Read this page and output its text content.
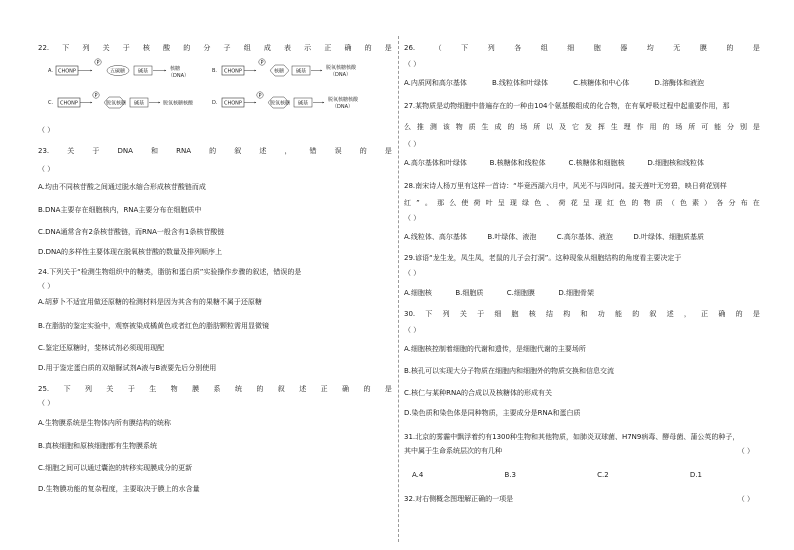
22. 下 列 关 于 核 酸 的 分 子 组 成 表 示 正 确 的 是
A. CHONP
P
五碳糖	碱基	核糖
（DNA）
B. CHONP
P
核糖 碱基
脱氧核糖核酸
（DNA）
C. CHONP
P
脱氧核糖 碱基	脱氧核糖核酸	D. CHONP
P
脱氧核糖 碱基
脱氧核糖核酸
（DNA）
（ ）
23.	关	于	DNA	和	RNA	的	叙	述	，	错	误	的	是
（ ）
A.均由不同核苷酸之间通过脱水缩合形成核苷酸链而成
B.DNA主要存在细胞核内，RNA主要分布在细胞质中
C.DNA通常含有2条核苷酸链，而RNA一般含有1条核苷酸链
D.DNA的多样性主要体现在脱氧核苷酸的数量及排列顺序上
24.下列关于“检测生物组织中的糖类，脂肪和蛋白质”实验操作步骤的叙述，错误的是
（ ）
A.胡萝卜不适宜用做还原糖的检测材料是因为其含有的果糖不属于还原糖
B.在脂肪的鉴定实验中，观察被染成橘黄色或者红色的脂肪颗粒需用显微镜
C.鉴定还原糖时，斐林试剂必须现用现配
D.用于鉴定蛋白质的双缩脲试剂A液与B液要先后分别使用
25. 下 列 关 于 生 物 膜 系 统 的 叙 述 正 确 的 是
（ ）
A.生物膜系统是生物体内所有膜结构的统称
B.真核细胞和原核细胞都有生物膜系统
C.细胞之间可以通过囊泡的转移实现膜成分的更新
D.生物膜功能的复杂程度，主要取决于膜上的水含量
26.	（	下	列	各	组	细	胞	器	均	无	膜	的	是
（ ）
A.内质网和高尔基体	B.线粒体和叶绿体	C.核糖体和中心体	D.溶酶体和液泡
27.某物质是动物细胞中普遍存在的一种由104个氨基酸组成的化合物，在有氧呼吸过程中起重要作用，那
么 推 测 该 物 质 生 成 的 场 所 以 及 它 发 挥 生 理 作 用 的 场 所 可 能 分 别 是
（ ）
A.高尔基体和叶绿体	B.核糖体和线粒体	C.核糖体和细胞核	D.细胞核和线粒体
28.南宋诗人杨万里有这样一首诗：“毕竟西湖六月中，风光不与四时同。接天莲叶无穷碧，映日荷花别样
红 ” 。 那 么 使 荷 叶 呈 现 绿 色 、 荷 花 呈 现 红 色 的 物 质 （ 色 素 ） 各 分 布 在
（ ）
A.线粒体、高尔基体	B.叶绿体、液泡	C.高尔基体、液泡	D.叶绿体、细胞质基质
29.谚语“龙生龙，凤生凤，老鼠的儿子会打洞”。这种现象从细胞结构的角度看主要决定于
（ ）
A.细胞核	B.细胞质	C.细胞膜	D.细胞骨架
30. 下 列 关 于 细 胞 核 结 构 和 功 能 的 叙 述 ， 正 确 的 是
（ ）
A.细胞核控制着细胞的代谢和遗传，是细胞代谢的主要场所
B.核孔可以实现大分子物质在细胞内和细胞外的物质交换和信息交流
C.核仁与某种RNA的合成以及核糖体的形成有关
D.染色质和染色体是同种物质，主要成分是RNA和蛋白质
31.北京的雾霾中飘浮着约有1300种生物和其他物质，如肺炎双球菌、H7N9病毒、酵母菌、蒲公英的种子，
其中属于生命系统层次的有几种	（ ）
A.4	B.3	C.2	D.1
32.对右侧概念图理解正确的一项是	（ ）
